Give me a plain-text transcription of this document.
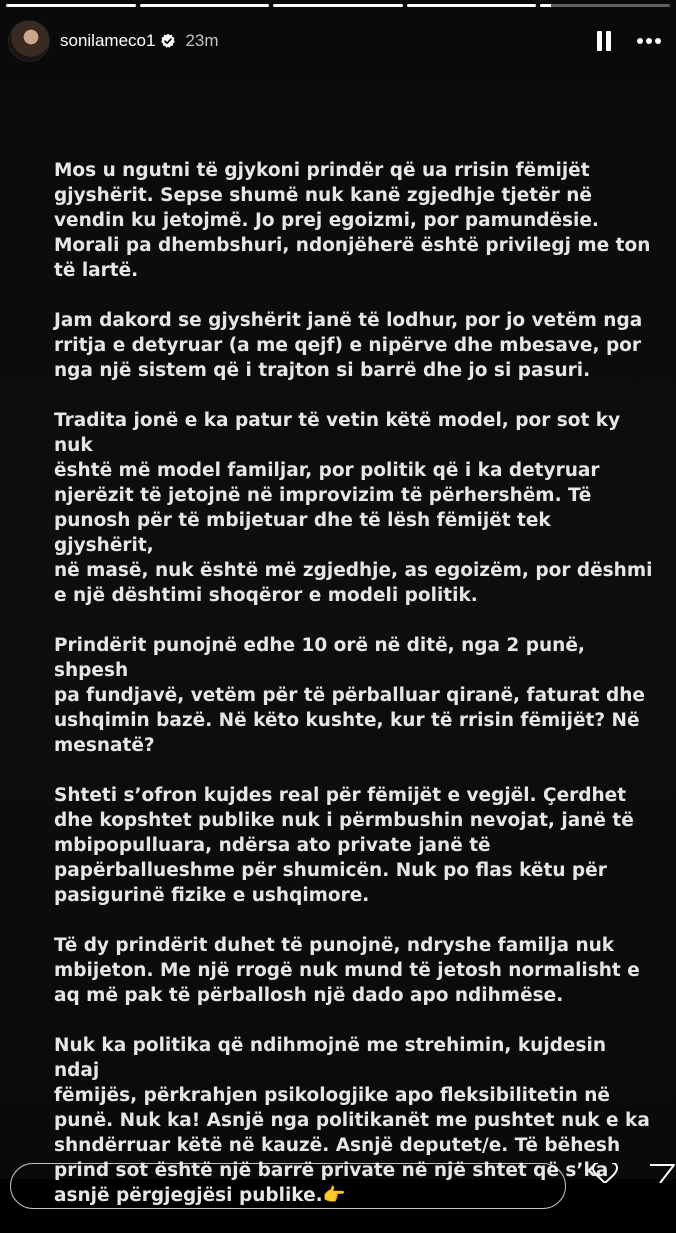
sonilameco1 23m

Mos u ngutni të gjykoni prindër që ua rrisin fëmijët
gjyshërit. Sepse shumë nuk kanë zgjedhje tjetër në
vendin ku jetojmë. Jo prej egoizmi, por pamundësie.
Morali pa dhembshuri, ndonjëherë është privilegj me ton
të lartë.

Jam dakord se gjyshërit janë të lodhur, por jo vetëm nga
rritja e detyruar (a me qejf) e nipërve dhe mbesave, por
nga një sistem që i trajton si barrë dhe jo si pasuri.

Tradita jonë e ka patur të vetin këtë model, por sot ky nuk
është më model familjar, por politik që i ka detyruar
njerëzit të jetojnë në improvizim të përhershëm. Të
punosh për të mbijetuar dhe të lësh fëmijët tek gjyshërit,
në masë, nuk është më zgjedhje, as egoizëm, por dëshmi
e një dështimi shoqëror e modeli politik.

Prindërit punojnë edhe 10 orë në ditë, nga 2 punë, shpesh
pa fundjavë, vetëm për të përballuar qiranë, faturat dhe
ushqimin bazë. Në këto kushte, kur të rrisin fëmijët? Në
mesnatë?

Shteti s’ofron kujdes real për fëmijët e vegjël. Çerdhet
dhe kopshtet publike nuk i përmbushin nevojat, janë të
mbipopulluara, ndërsa ato private janë të
papërballueshme për shumicën. Nuk po flas këtu për
pasigurinë fizike e ushqimore.

Të dy prindërit duhet të punojnë, ndryshe familja nuk
mbijeton. Me një rrogë nuk mund të jetosh normalisht e
aq më pak të përballosh një dado apo ndihmëse.

Nuk ka politika që ndihmojnë me strehimin, kujdesin ndaj
fëmijës, përkrahjen psikologjike apo fleksibilitetin në
punë. Nuk ka! Asnjë nga politikanët me pushtet nuk e ka
shndërruar këtë në kauzë. Asnjë deputet/e. Të bëhesh
prind sot është një barrë private në një shtet që s’ka
asnjë përgjegjësi publike.👉
